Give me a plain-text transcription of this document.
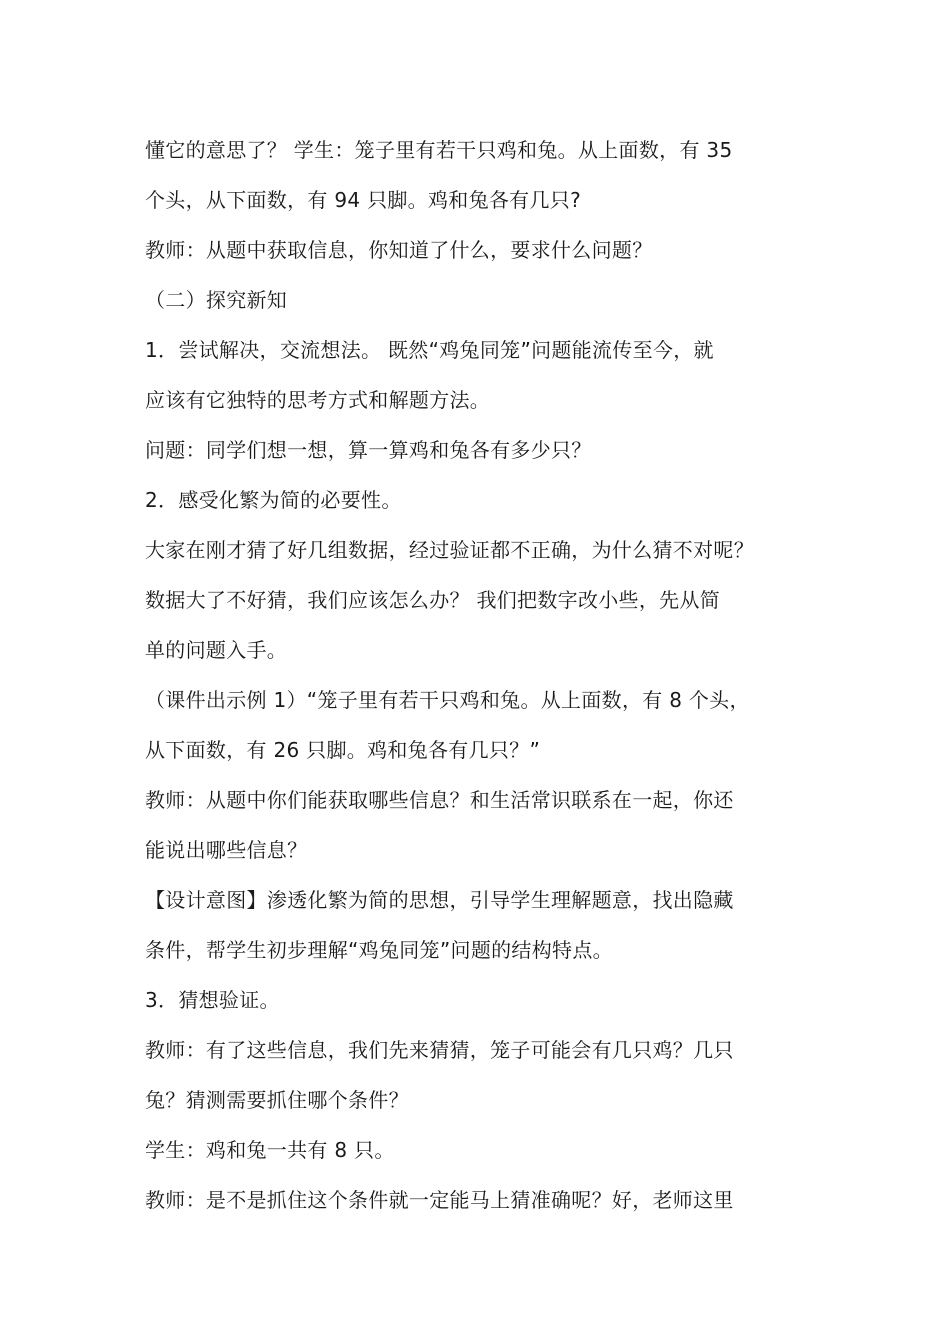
懂它的意思了？ 学生：笼子里有若干只鸡和兔。从上面数，有 35
个头，从下面数，有 94 只脚。鸡和兔各有几只?
教师：从题中获取信息，你知道了什么，要求什么问题？
（二）探究新知
1．尝试解决，交流想法。 既然“鸡兔同笼”问题能流传至今，就
应该有它独特的思考方式和解题方法。
问题：同学们想一想，算一算鸡和兔各有多少只？
2．感受化繁为简的必要性。
大家在刚才猜了好几组数据，经过验证都不正确，为什么猜不对呢？
数据大了不好猜，我们应该怎么办？ 我们把数字改小些，先从简
单的问题入手。
（课件出示例 1）“笼子里有若干只鸡和兔。从上面数，有 8 个头，
从下面数，有 26 只脚。鸡和兔各有几只？”
教师：从题中你们能获取哪些信息？和生活常识联系在一起，你还
能说出哪些信息？
【设计意图】渗透化繁为简的思想，引导学生理解题意，找出隐藏
条件，帮学生初步理解“鸡兔同笼”问题的结构特点。
3．猜想验证。
教师：有了这些信息，我们先来猜猜，笼子可能会有几只鸡？几只
兔？猜测需要抓住哪个条件？
学生：鸡和兔一共有 8 只。
教师：是不是抓住这个条件就一定能马上猜准确呢？好，老师这里
